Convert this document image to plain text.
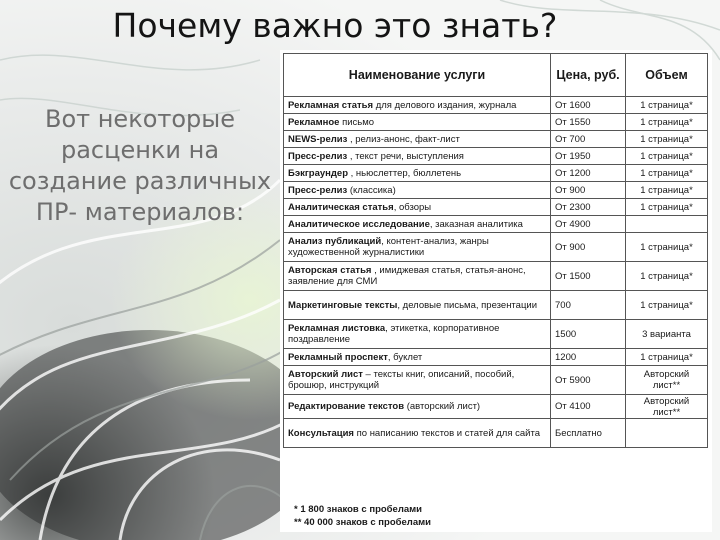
Почему важно это знать?
Вот некоторые
расценки на
создание различных
ПР- материалов:
Наименование услуги	Цена, руб.	Объем
Рекламная статья для делового издания, журнала	От 1600	1 страница*
Рекламное письмо	От 1550	1 страница*
NEWS-релиз , релиз-анонс, факт-лист	От 700	1 страница*
Пресс-релиз , текст речи, выступления	От 1950	1 страница*
Бэкграундер , ньюслеттер, бюллетень	От 1200	1 страница*
Пресс-релиз (классика)	От 900	1 страница*
Аналитическая статья, обзоры	От 2300	1 страница*
Аналитическое исследование, заказная аналитика	От 4900	
Анализ публикаций, контент-анализ, жанры художественной журналистики	От 900	1 страница*
Авторская статья , имиджевая статья, статья-анонс, заявление для СМИ	От 1500	1 страница*
Маркетинговые тексты, деловые письма, презентации	700	1 страница*
Рекламная листовка, этикетка, корпоративное поздравление	1500	3 варианта
Рекламный проспект, буклет	1200	1 страница*
Авторский лист – тексты книг, описаний, пособий, брошюр, инструкций	От 5900	Авторский лист**
Редактирование текстов (авторский лист)	От 4100	Авторский лист**
Консультация по написанию текстов и статей для сайта	Бесплатно	
* 1 800 знаков с пробелами
** 40 000 знаков с пробелами
